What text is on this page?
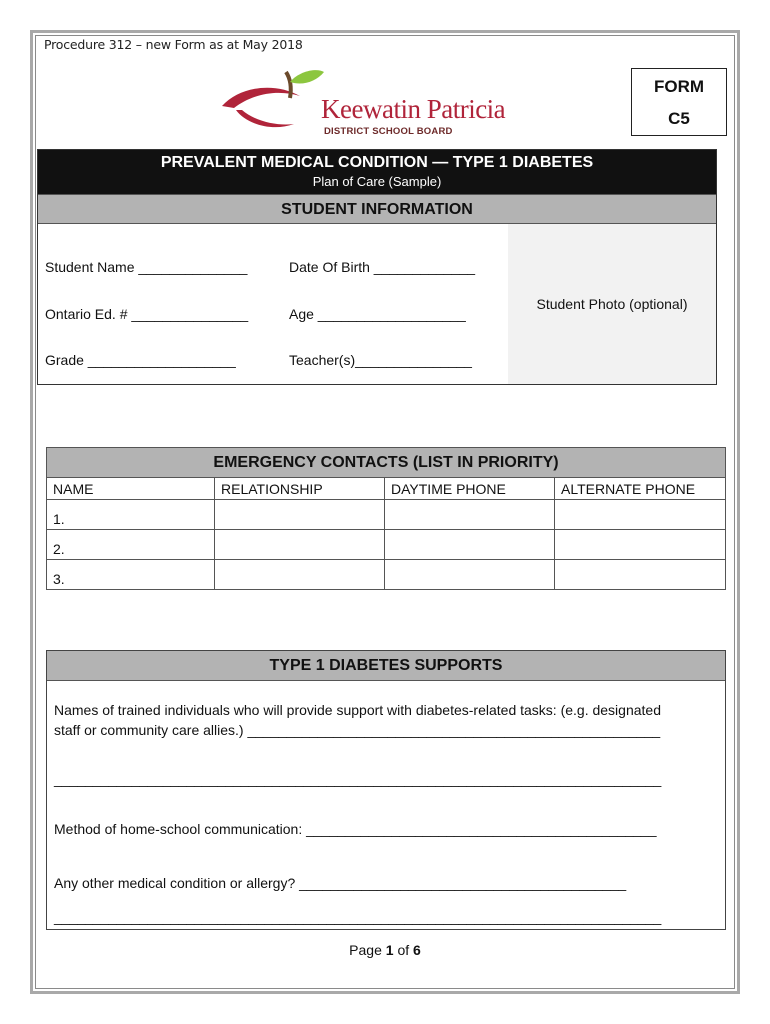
Procedure 312 – new Form as at May 2018
Keewatin Patricia
DISTRICT SCHOOL BOARD
FORM
C5
PREVALENT MEDICAL CONDITION — TYPE 1 DIABETES
Plan of Care (Sample)
STUDENT INFORMATION
Student Name ______________	Date Of Birth _____________
Ontario Ed. # _______________	Age ___________________
Grade ___________________	Teacher(s)_______________
Student Photo (optional)
EMERGENCY CONTACTS (LIST IN PRIORITY)			
NAME	RELATIONSHIP	DAYTIME PHONE	ALTERNATE PHONE
1.			
2.			
3.			
TYPE 1 DIABETES SUPPORTS
Names of trained individuals who will provide support with diabetes-related tasks: (e.g. designated
staff or community care allies.) _____________________________________________________
______________________________________________________________________________
Method of home-school communication: _____________________________________________
Any other medical condition or allergy? __________________________________________
______________________________________________________________________________
Page 1 of 6
